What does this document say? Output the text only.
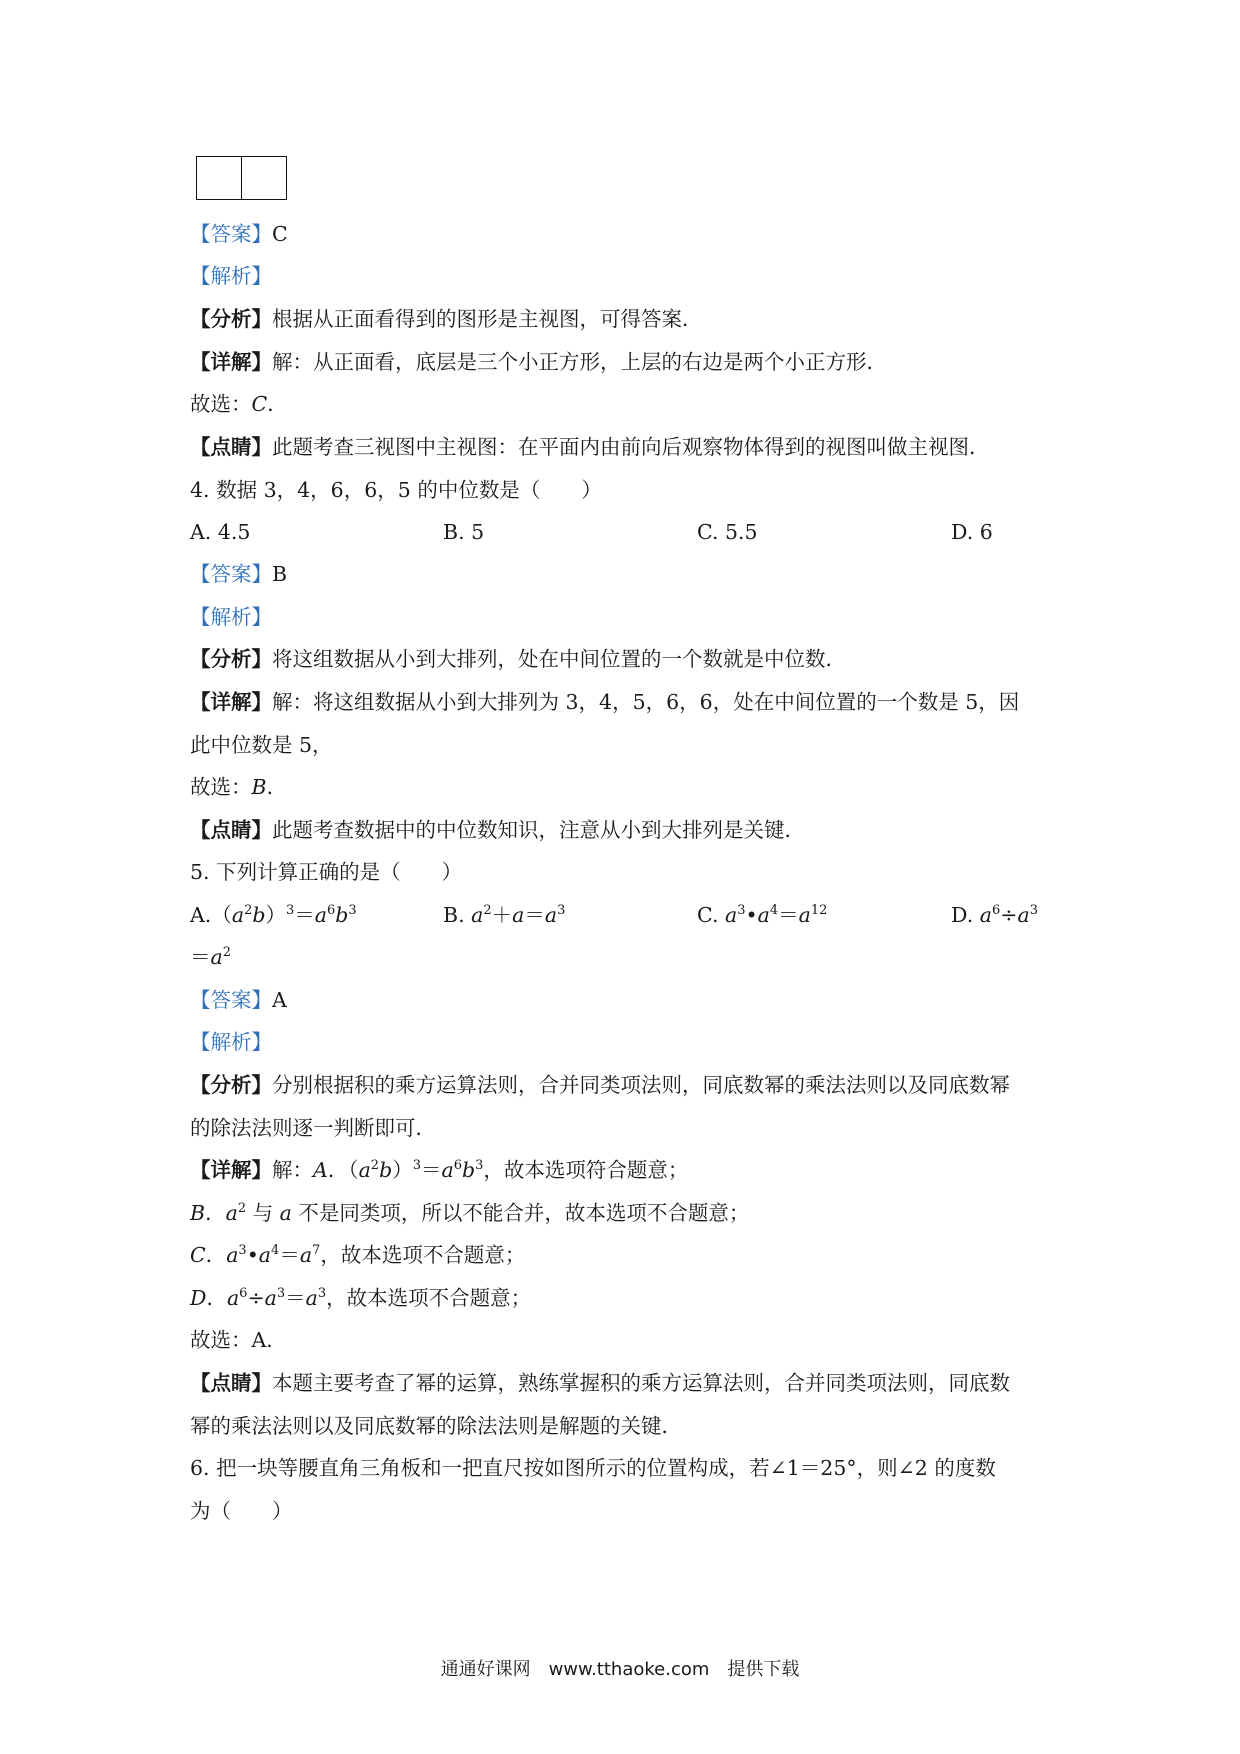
【答案】C
【解析】
【分析】根据从正面看得到的图形是主视图，可得答案．
【详解】解：从正面看，底层是三个小正方形，上层的右边是两个小正方形．
故选：C．
【点睛】此题考查三视图中主视图：在平面内由前向后观察物体得到的视图叫做主视图．
4. 数据 3，4，6，6，5 的中位数是（　　）
A. 4.5	B. 5	C. 5.5	D. 6
【答案】B
【解析】
【分析】将这组数据从小到大排列，处在中间位置的一个数就是中位数．
【详解】解：将这组数据从小到大排列为 3，4，5，6，6，处在中间位置的一个数是 5，因
此中位数是 5，
故选：B．
【点睛】此题考查数据中的中位数知识，注意从小到大排列是关键．
5. 下列计算正确的是（　　）
$A.(a^2b)^3=a^6b^3$	B. $a^2+a=a^3$	C. $a^3•a^4=a^{12}$	D. $a^6\div a^3$
$=a^2$
【答案】A
【解析】
【分析】分别根据积的乘方运算法则，合并同类项法则，同底数幂的乘法法则以及同底数幂
的除法法则逐一判断即可．
【详解】解：A．$(a^2b)^3=a^6b^3$，故本选项符合题意；
B．$a^2$ 与 a 不是同类项，所以不能合并，故本选项不合题意；
C．$a^3•a^4=a^7$，故本选项不合题意；
D．$a^6\div a^3=a^3$，故本选项不合题意；
故选：A．
【点睛】本题主要考查了幂的运算，熟练掌握积的乘方运算法则，合并同类项法则，同底数
幂的乘法法则以及同底数幂的除法法则是解题的关键．
6. 把一块等腰直角三角板和一把直尺按如图所示的位置构成，若∠1＝25°，则∠2 的度数
为（　　）
通通好课网　www.tthaoke.com　提供下载
